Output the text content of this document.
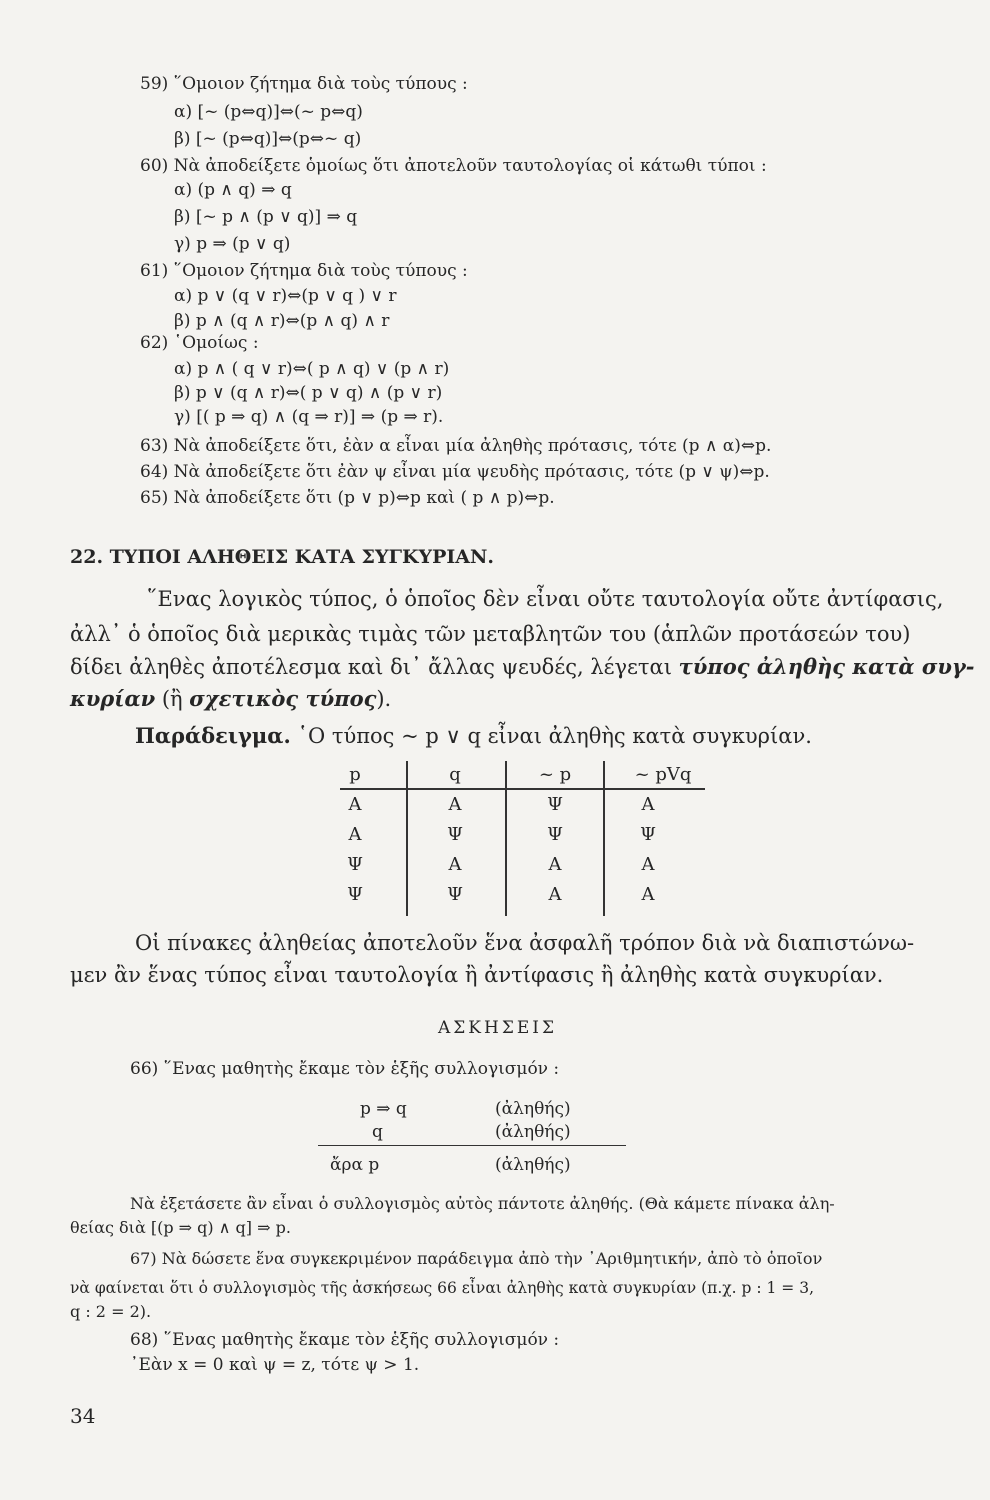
59) ῞Ομοιον ζήτημα διὰ τοὺς τύπους :
α) [~ (p⇔q)]⇔(~ p⇔q)
β) [~ (p⇔q)]⇔(p⇔~ q)
60) Νὰ ἀποδείξετε ὁμοίως ὅτι ἀποτελοῦν ταυτολογίας οἱ κάτωθι τύποι :
α) (p ∧ q) ⇒ q
β) [~ p ∧ (p ∨ q)] ⇒ q
γ) p ⇒ (p ∨ q)
61) ῞Ομοιον ζήτημα διὰ τοὺς τύπους :
α) p ∨ (q ∨ r)⇔(p ∨ q ) ∨ r
β) p ∧ (q ∧ r)⇔(p ∧ q) ∧ r
62) ῾Ομοίως :
α) p ∧ ( q ∨ r)⇔( p ∧ q) ∨ (p ∧ r)
β) p ∨ (q ∧ r)⇔( p ∨ q) ∧ (p ∨ r)
γ) [( p ⇒ q) ∧ (q ⇒ r)] ⇒ (p ⇒ r).
63) Νὰ ἀποδείξετε ὅτι, ἐὰν α εἶναι μία ἀληθὴς πρότασις, τότε (p ∧ α)⇔p.
64) Νὰ ἀποδείξετε ὅτι ἐὰν ψ εἶναι μία ψευδὴς πρότασις, τότε (p ∨ ψ)⇔p.
65) Νὰ ἀποδείξετε ὅτι (p ∨ p)⇔p καὶ ( p ∧ p)⇔p.
22. ΤΥΠΟΙ ΑΛΗΘΕΙΣ ΚΑΤΑ ΣΥΓΚΥΡΙΑΝ.
῞Ενας λογικὸς τύπος, ὁ ὁποῖος δὲν εἶναι οὔτε ταυτολογία οὔτε ἀντίφασις,
ἀλλ᾽ ὁ ὁποῖος διὰ μερικὰς τιμὰς τῶν μεταβλητῶν του (ἁπλῶν προτάσεών του)
δίδει ἀληθὲς ἀποτέλεσμα καὶ δι᾽ ἄλλας ψευδές, λέγεται τύπος ἀληθὴς κατὰ συγ-
κυρίαν (ἢ σχετικὸς τύπος).
Παράδειγμα. ῾Ο τύπος ~ p ∨ q εἶναι ἀληθὴς κατὰ συγκυρίαν.
p	q	~ p	~ pVq
Α	Α	Ψ	Α
Α	Ψ	Ψ	Ψ
Ψ	Α	Α	Α
Ψ	Ψ	Α	Α
Οἱ πίνακες ἀληθείας ἀποτελοῦν ἕνα ἀσφαλῆ τρόπον διὰ νὰ διαπιστώνω-
μεν ἂν ἕνας τύπος εἶναι ταυτολογία ἢ ἀντίφασις ἢ ἀληθὴς κατὰ συγκυρίαν.
ΑΣΚΗΣΕΙΣ
66) ῞Ενας μαθητὴς ἔκαμε τὸν ἑξῆς συλλογισμόν :
p ⇒ q	(ἀληθής)
q	(ἀληθής)
ἄρα p	(ἀληθής)
Νὰ ἐξετάσετε ἂν εἶναι ὁ συλλογισμὸς αὐτὸς πάντοτε ἀληθής. (Θὰ κάμετε πίνακα ἀλη-
θείας διὰ [(p ⇒ q) ∧ q] ⇒ p.
67) Νὰ δώσετε ἕνα συγκεκριμένον παράδειγμα ἀπὸ τὴν ᾽Αριθμητικήν, ἀπὸ τὸ ὁποῖον
νὰ φαίνεται ὅτι ὁ συλλογισμὸς τῆς ἀσκήσεως 66 εἶναι ἀληθὴς κατὰ συγκυρίαν (π.χ. p : 1 = 3,
q : 2 = 2).
68) ῞Ενας μαθητὴς ἔκαμε τὸν ἑξῆς συλλογισμόν :
᾽Εὰν x = 0 καὶ ψ = z, τότε ψ > 1.
34
